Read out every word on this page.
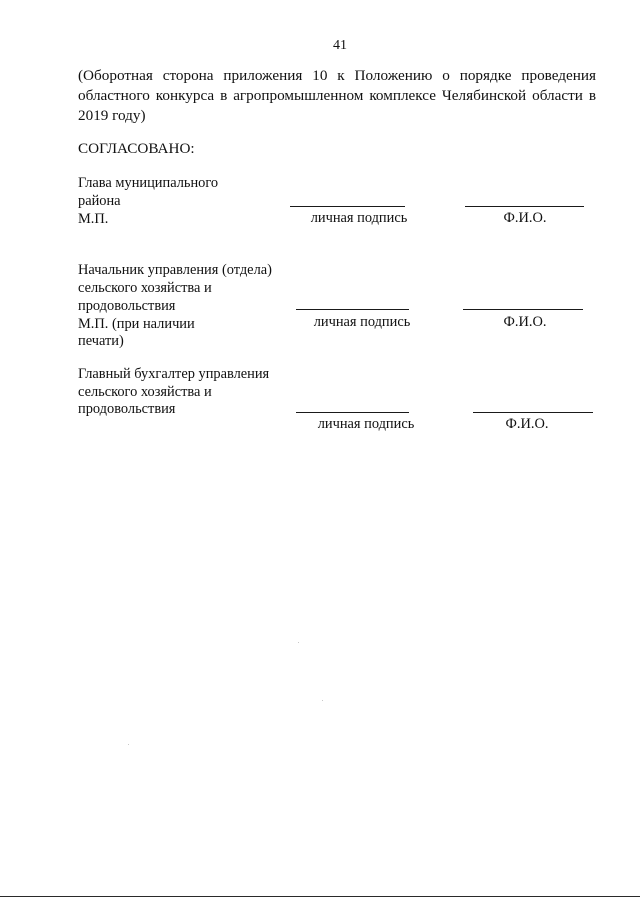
41

(Оборотная сторона приложения 10 к Положению о порядке проведения областного конкурса в агропромышленном комплексе Челябинской области в 2019 году)

СОГЛАСОВАНО:
Глава муниципального
района
М.П.	личная подпись	Ф.И.О.
Начальник управления (отдела)
сельского хозяйства и
продовольствия
М.П. (при наличии
печати)
личная подпись	Ф.И.О.
Главный бухгалтер управления
сельского хозяйства и
продовольствия
личная подпись	Ф.И.О.
